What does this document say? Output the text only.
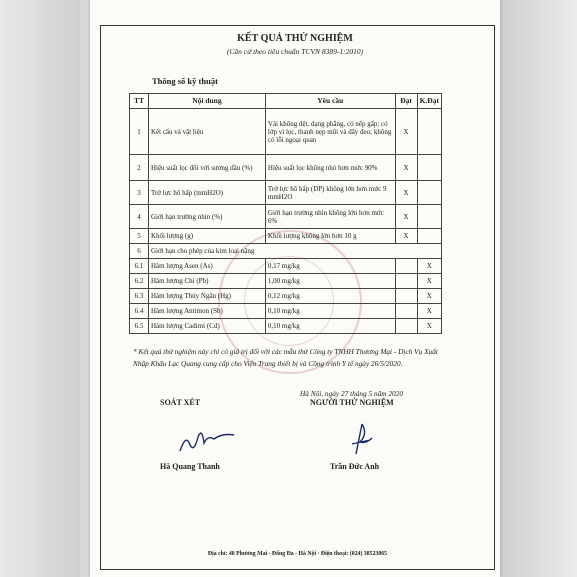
KẾT QUẢ THỬ NGHIỆM
(Căn cứ theo tiêu chuẩn TCVN 8389-1:2010)
Thông số kỹ thuật
TT	Nội dung	Yêu cầu	Đạt	K.Đạt
1	Kết cấu và vật liệu	Vải không dệt, dạng phẳng, có nếp gấp; có lớp vi lọc, thanh nẹp mũi và dây đeo; không có lỗi ngoại quan	X	
2	Hiệu suất lọc đối với sương dầu (%)	Hiệu suất lọc không nhỏ hơn mức 90%	X	
3	Trở lực hô hấp (mmH2O)	Trở lực hô hấp (DP) không lớn hơn mức 9 mmH2O	X	
4	Giới hạn trường nhìn (%)	Giới hạn trường nhìn không lớn hơn mức 6%	X	
5	Khối lượng (g)	Khối lượng không lớn hơn 10 g	X	
6	Giới hạn cho phép của kim loại nặng			
6.1	Hàm lượng Asen (As)	0,17 mg/kg		X
6.2	Hàm lượng Chì (Pb)	1,00 mg/kg		X
6.3	Hàm lượng Thủy Ngân (Hg)	0,12 mg/kg		X
6.4	Hàm lượng Antimon (Sb)	0,10 mg/kg		X
6.5	Hàm lượng Cadimi (Cd)	0,10 mg/kg		X
* Kết quả thử nghiệm này chỉ có giá trị đối với các mẫu thử Công ty TNHH Thương Mại - Dịch Vụ Xuất Nhập Khẩu Lạc Quang cung cấp cho Viện Trang thiết bị và Công trình Y tế ngày 26/5/2020.
Hà Nội, ngày 27 tháng 5 năm 2020
SOÁT XÉT	NGƯỜI THỬ NGHIỆM
Hà Quang Thanh	Trần Đức Anh
Địa chỉ: 40 Phương Mai - Đống Đa - Hà Nội · Điện thoại: (024) 38523065
